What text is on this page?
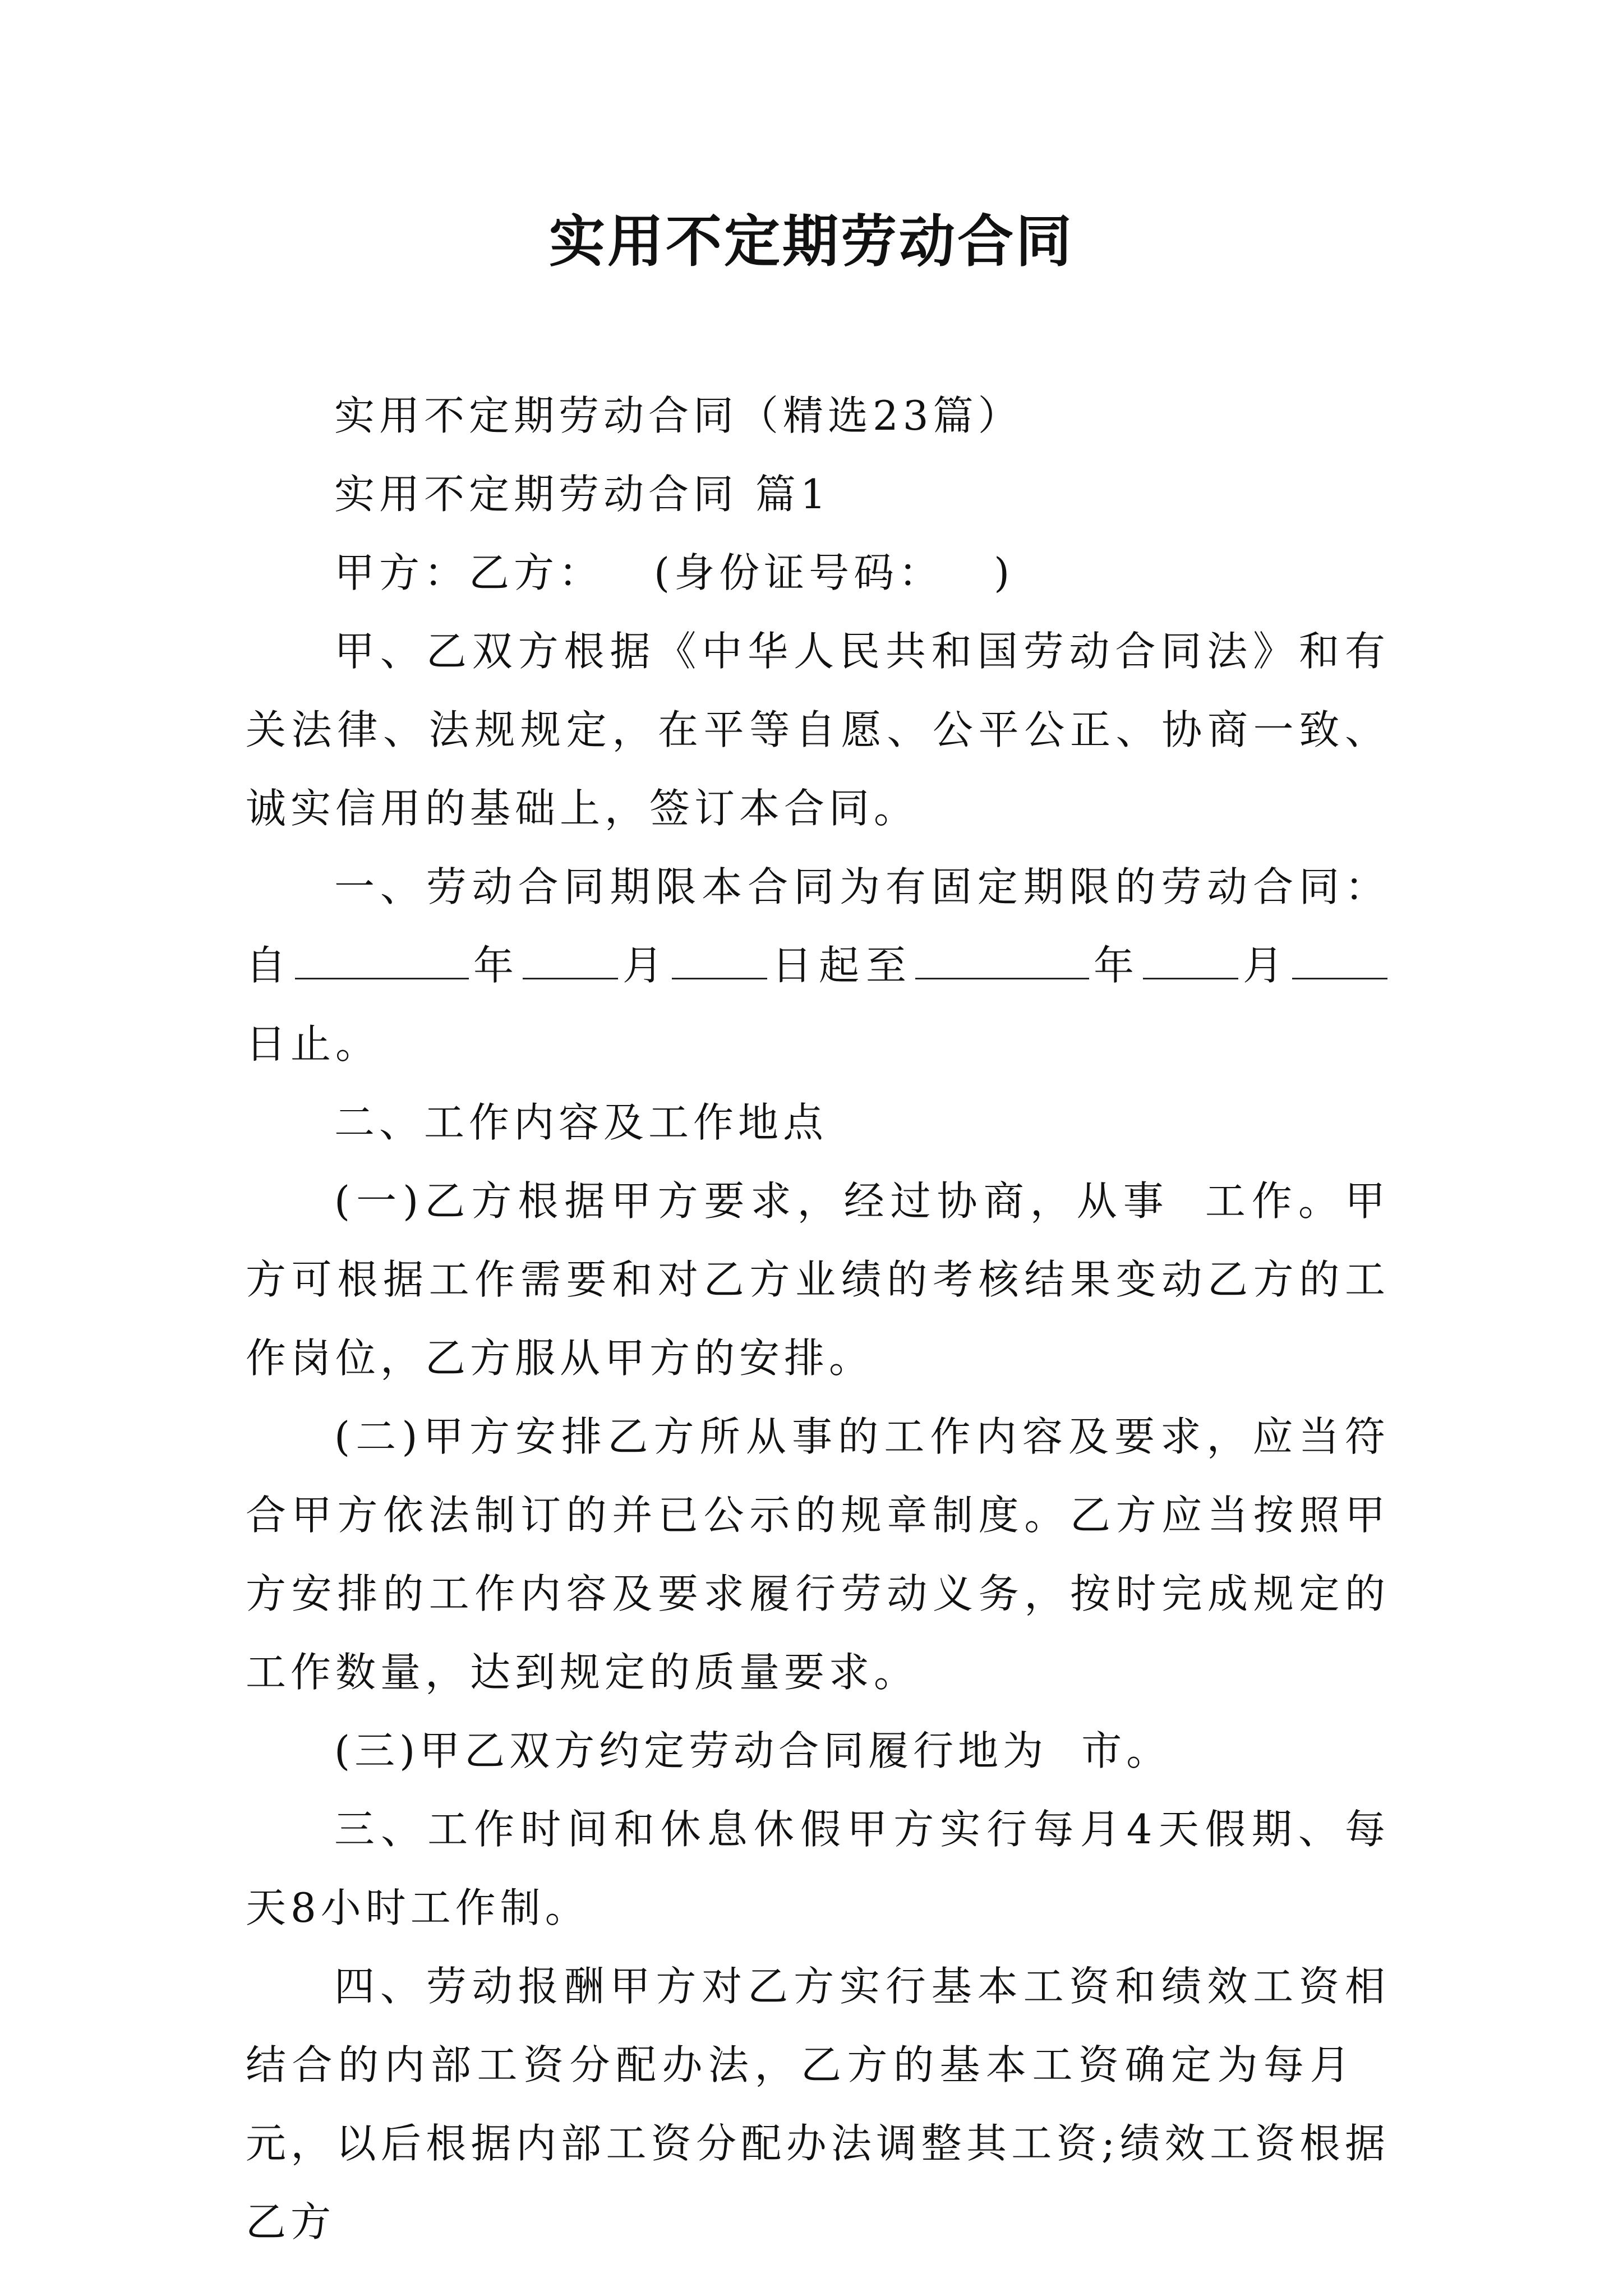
实用不定期劳动合同

实用不定期劳动合同（精选23篇）

实用不定期劳动合同 篇1

甲方：乙方： (身份证号码： )

甲、乙双方根据《中华人民共和国劳动合同法》和有关法律、法规规定，在平等自愿、公平公正、协商一致、诚实信用的基础上，签订本合同。

一、劳动合同期限本合同为有固定期限的劳动合同：自	年 月 日起至	年 月日止。

二、工作内容及工作地点

(一)乙方根据甲方要求，经过协商，从事 工作。甲方可根据工作需要和对乙方业绩的考核结果变动乙方的工作岗位，乙方服从甲方的安排。

(二)甲方安排乙方所从事的工作内容及要求，应当符合甲方依法制订的并已公示的规章制度。乙方应当按照甲方安排的工作内容及要求履行劳动义务，按时完成规定的工作数量，达到规定的质量要求。

(三)甲乙双方约定劳动合同履行地为 市。

三、工作时间和休息休假甲方实行每月4天假期、每天8小时工作制。

四、劳动报酬甲方对乙方实行基本工资和绩效工资相结合的内部工资分配办法，乙方的基本工资确定为每月元，以后根据内部工资分配办法调整其工资;绩效工资根据乙方
